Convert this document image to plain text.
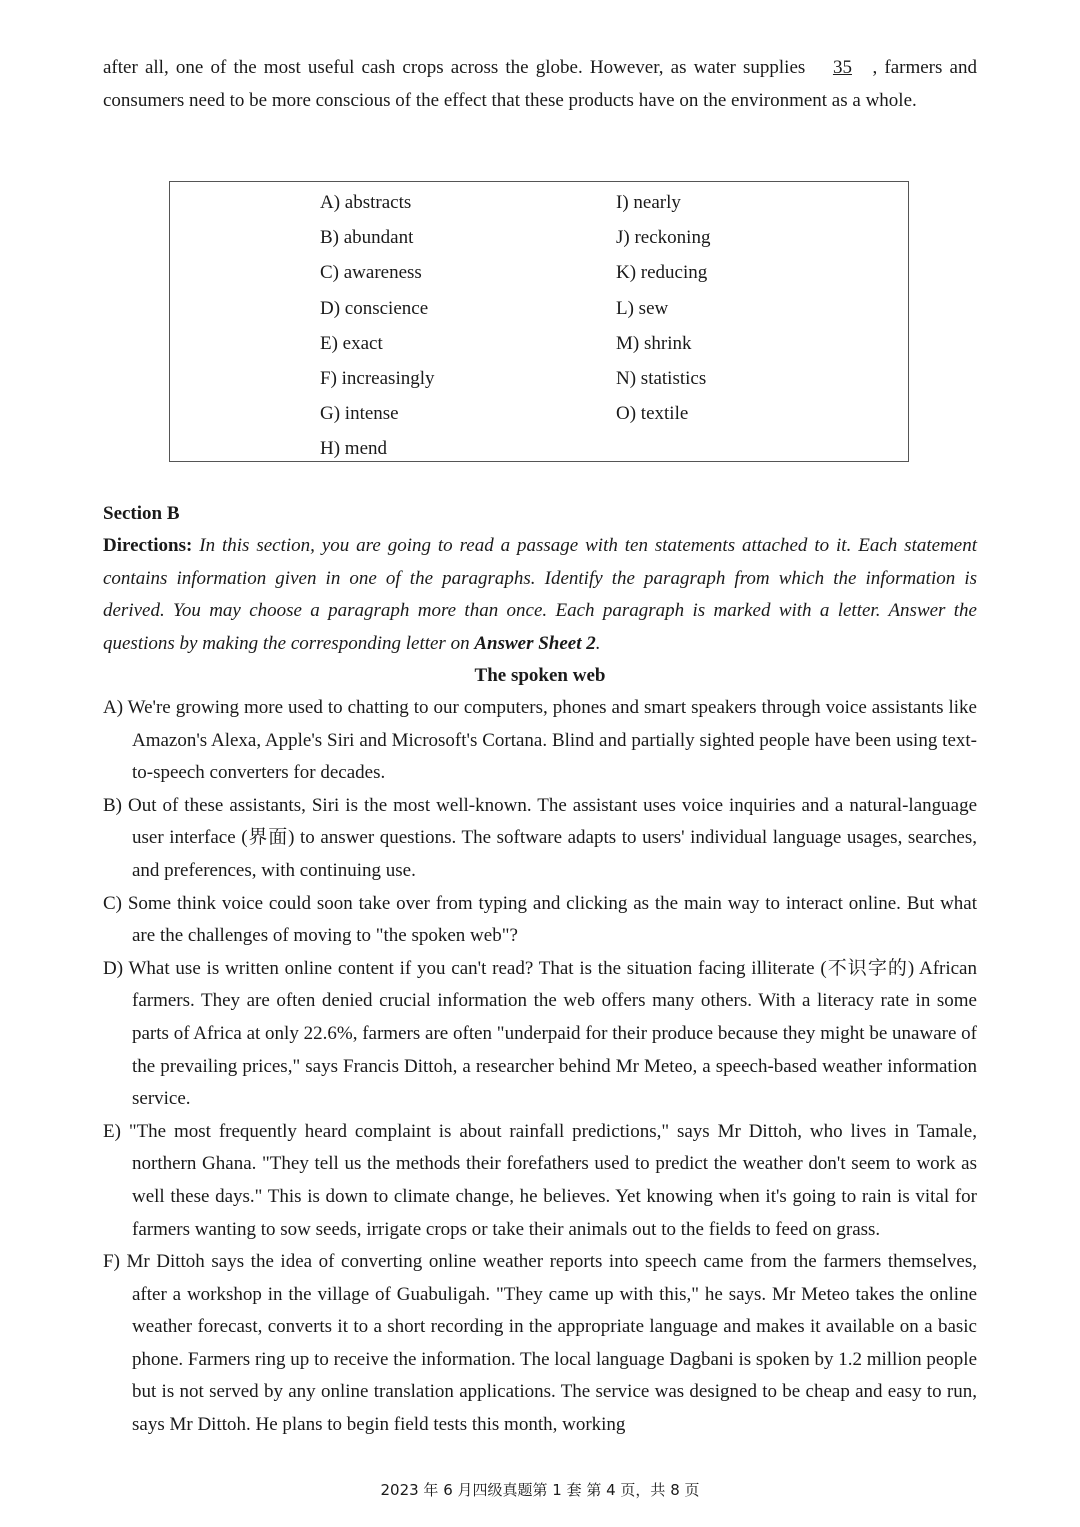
after all, one of the most useful cash crops across the globe. However, as water supplies 35 , farmers and consumers need to be more conscious of the effect that these products have on the environment as a whole.

A) abstracts
B) abundant
C) awareness
D) conscience
E) exact
F) increasingly
G) intense
H) mend
I) nearly
J) reckoning
K) reducing
L) sew
M) shrink
N) statistics
O) textile

Section B

Directions: In this section, you are going to read a passage with ten statements attached to it. Each statement contains information given in one of the paragraphs. Identify the paragraph from which the information is derived. You may choose a paragraph more than once. Each paragraph is marked with a letter. Answer the questions by making the corresponding letter on Answer Sheet 2.

The spoken web

A) We're growing more used to chatting to our computers, phones and smart speakers through voice assistants like Amazon's Alexa, Apple's Siri and Microsoft's Cortana. Blind and partially sighted people have been using text-to-speech converters for decades.

B) Out of these assistants, Siri is the most well-known. The assistant uses voice inquiries and a natural-language user interface (界面) to answer questions. The software adapts to users' individual language usages, searches, and preferences, with continuing use.

C) Some think voice could soon take over from typing and clicking as the main way to interact online. But what are the challenges of moving to "the spoken web"?

D) What use is written online content if you can't read? That is the situation facing illiterate (不识字的) African farmers. They are often denied crucial information the web offers many others. With a literacy rate in some parts of Africa at only 22.6%, farmers are often "underpaid for their produce because they might be unaware of the prevailing prices," says Francis Dittoh, a researcher behind Mr Meteo, a speech-based weather information service.

E) "The most frequently heard complaint is about rainfall predictions," says Mr Dittoh, who lives in Tamale, northern Ghana. "They tell us the methods their forefathers used to predict the weather don't seem to work as well these days." This is down to climate change, he believes. Yet knowing when it's going to rain is vital for farmers wanting to sow seeds, irrigate crops or take their animals out to the fields to feed on grass.

F) Mr Dittoh says the idea of converting online weather reports into speech came from the farmers themselves, after a workshop in the village of Guabuligah. "They came up with this," he says. Mr Meteo takes the online weather forecast, converts it to a short recording in the appropriate language and makes it available on a basic phone. Farmers ring up to receive the information. The local language Dagbani is spoken by 1.2 million people but is not served by any online translation applications. The service was designed to be cheap and easy to run, says Mr Dittoh. He plans to begin field tests this month, working

2023 年 6 月四级真题第 1 套 第 4 页，共 8 页
